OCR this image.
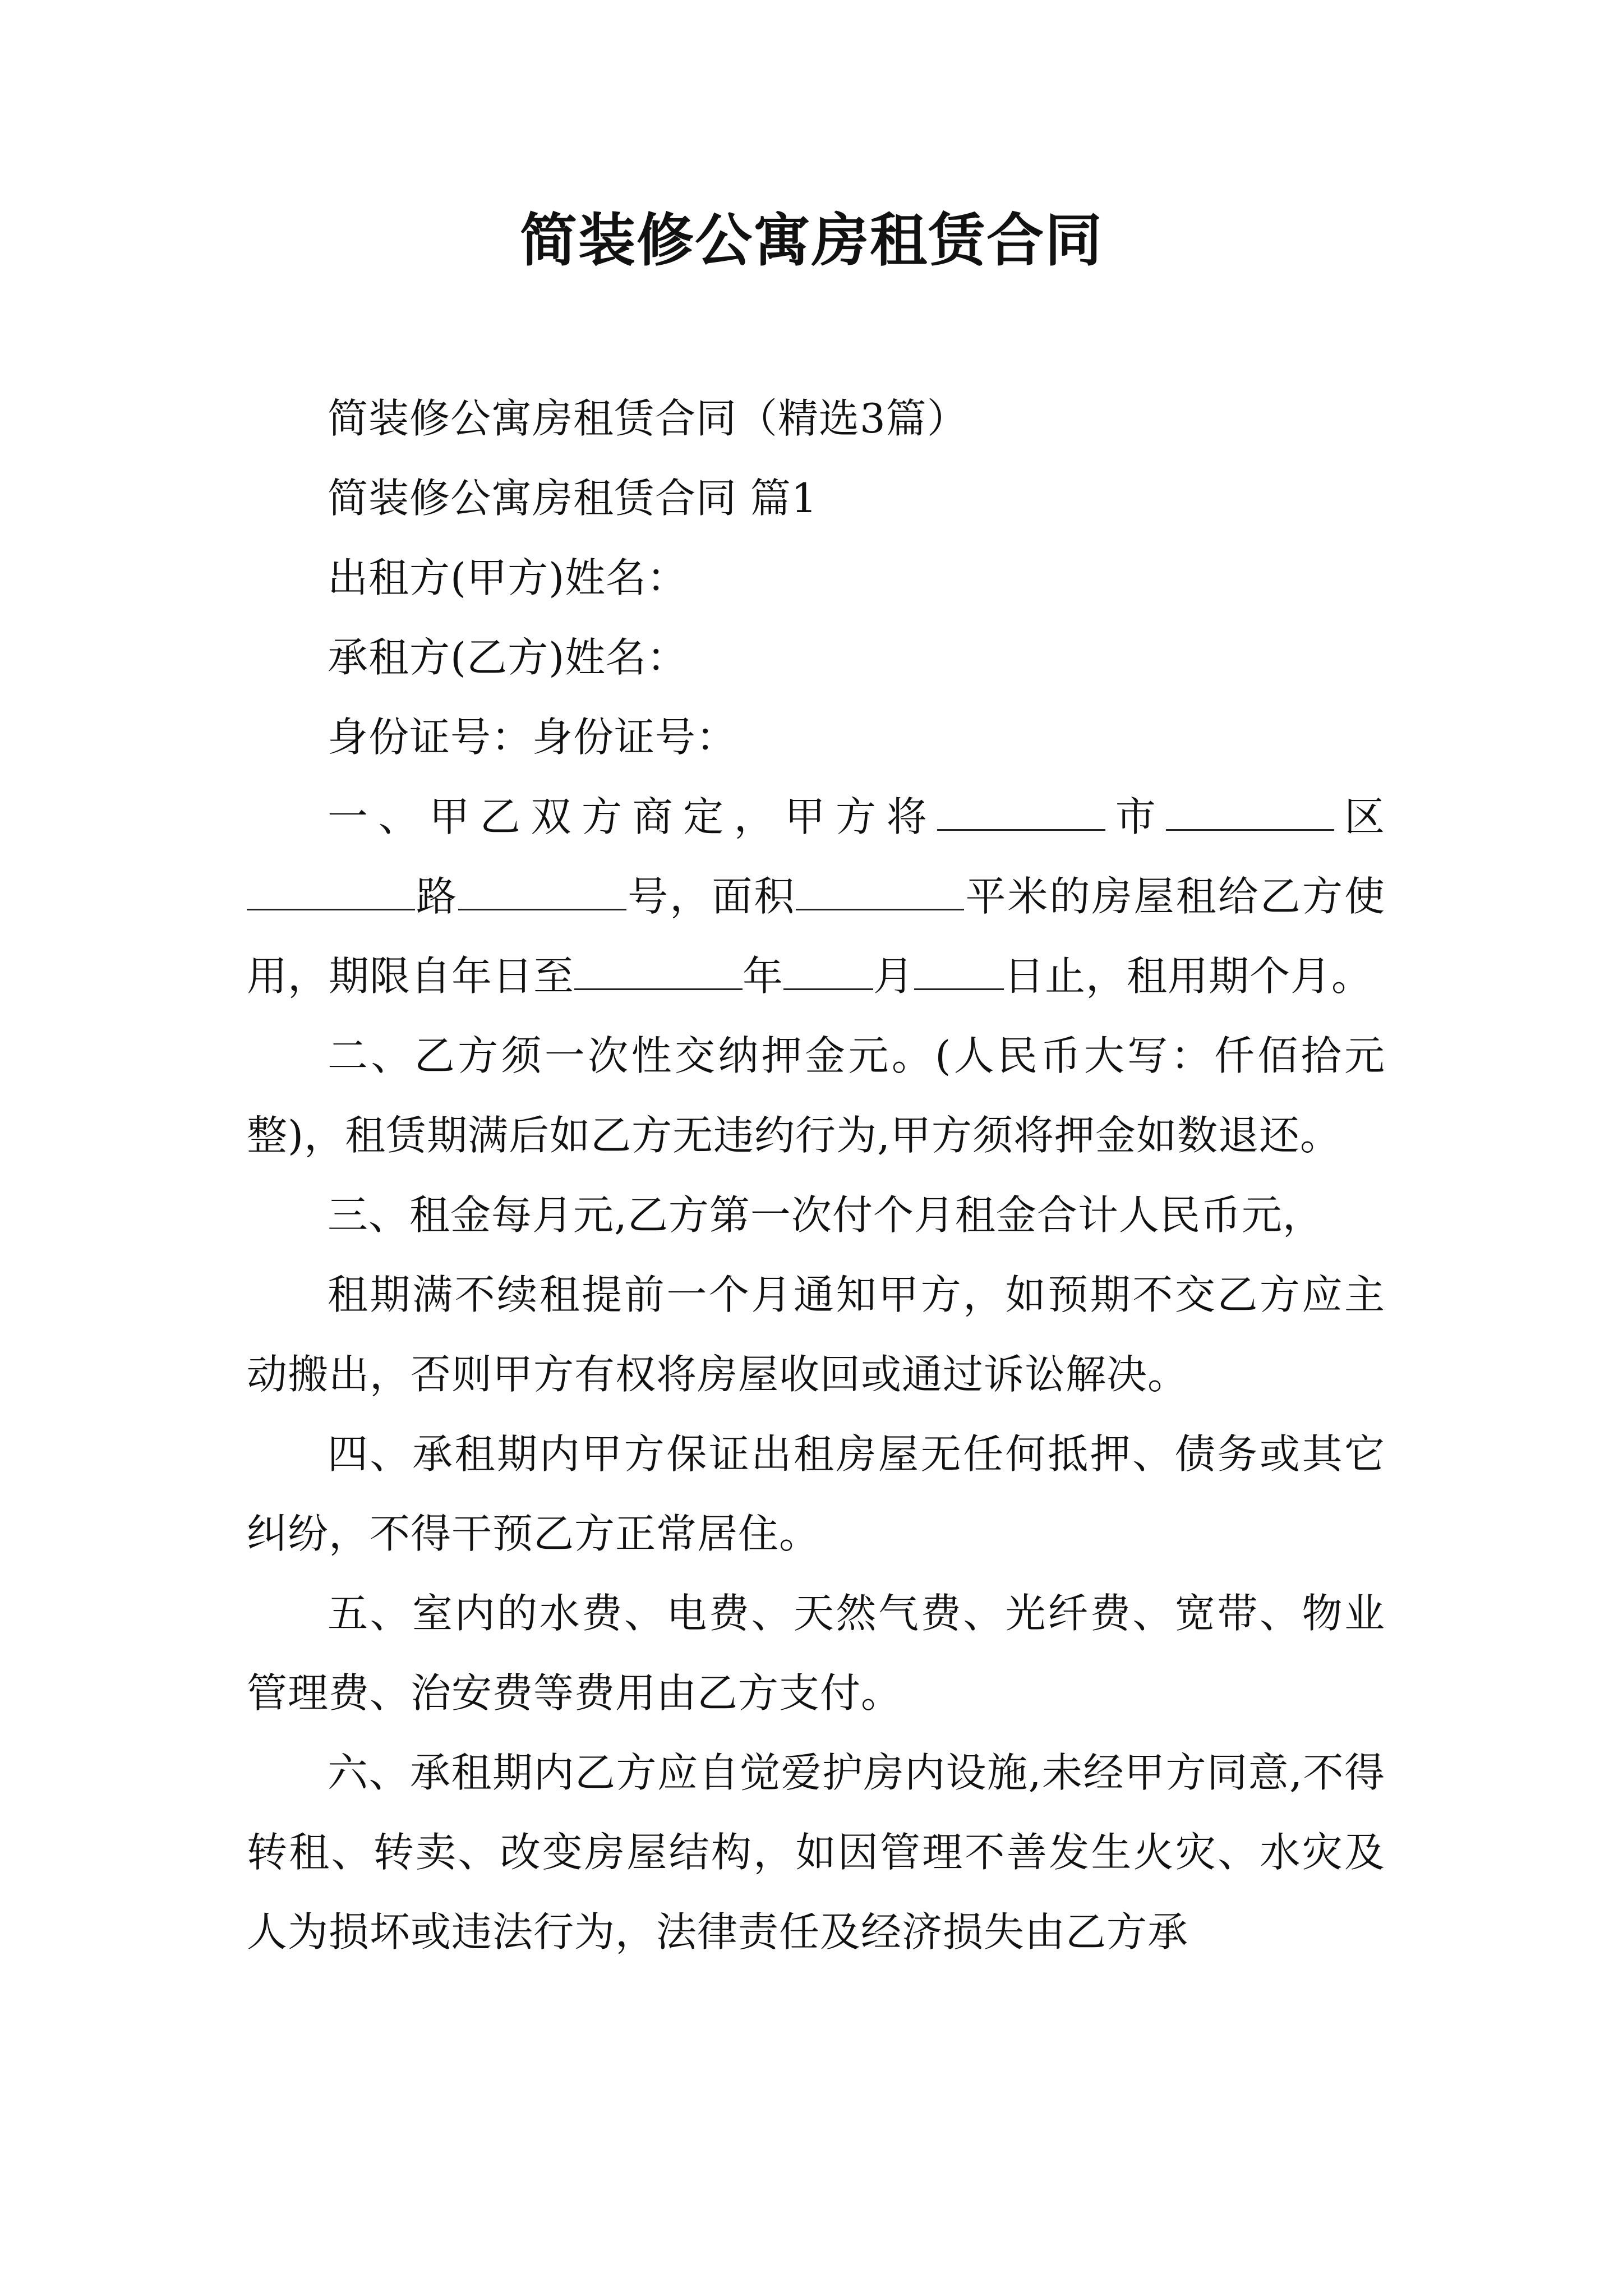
简装修公寓房租赁合同

简装修公寓房租赁合同（精选3篇）

简装修公寓房租赁合同 篇1

出租方(甲方)姓名：

承租方(乙方)姓名：

身份证号：身份证号：

一、甲乙双方商定，甲方将	市	区路	号，面积	平米的房屋租给乙方使用，期限自年日至	年 月 日止，租用期个月。

二、乙方须一次性交纳押金元。(人民币大写：仟佰拾元整)，租赁期满后如乙方无违约行为,甲方须将押金如数退还。

三、租金每月元,乙方第一次付个月租金合计人民币元，

租期满不续租提前一个月通知甲方，如预期不交乙方应主动搬出，否则甲方有权将房屋收回或通过诉讼解决。

四、承租期内甲方保证出租房屋无任何抵押、债务或其它纠纷，不得干预乙方正常居住。

五、室内的水费、电费、天然气费、光纤费、宽带、物业管理费、治安费等费用由乙方支付。

六、承租期内乙方应自觉爱护房内设施,未经甲方同意,不得转租、转卖、改变房屋结构，如因管理不善发生火灾、水灾及人为损坏或违法行为，法律责任及经济损失由乙方承
